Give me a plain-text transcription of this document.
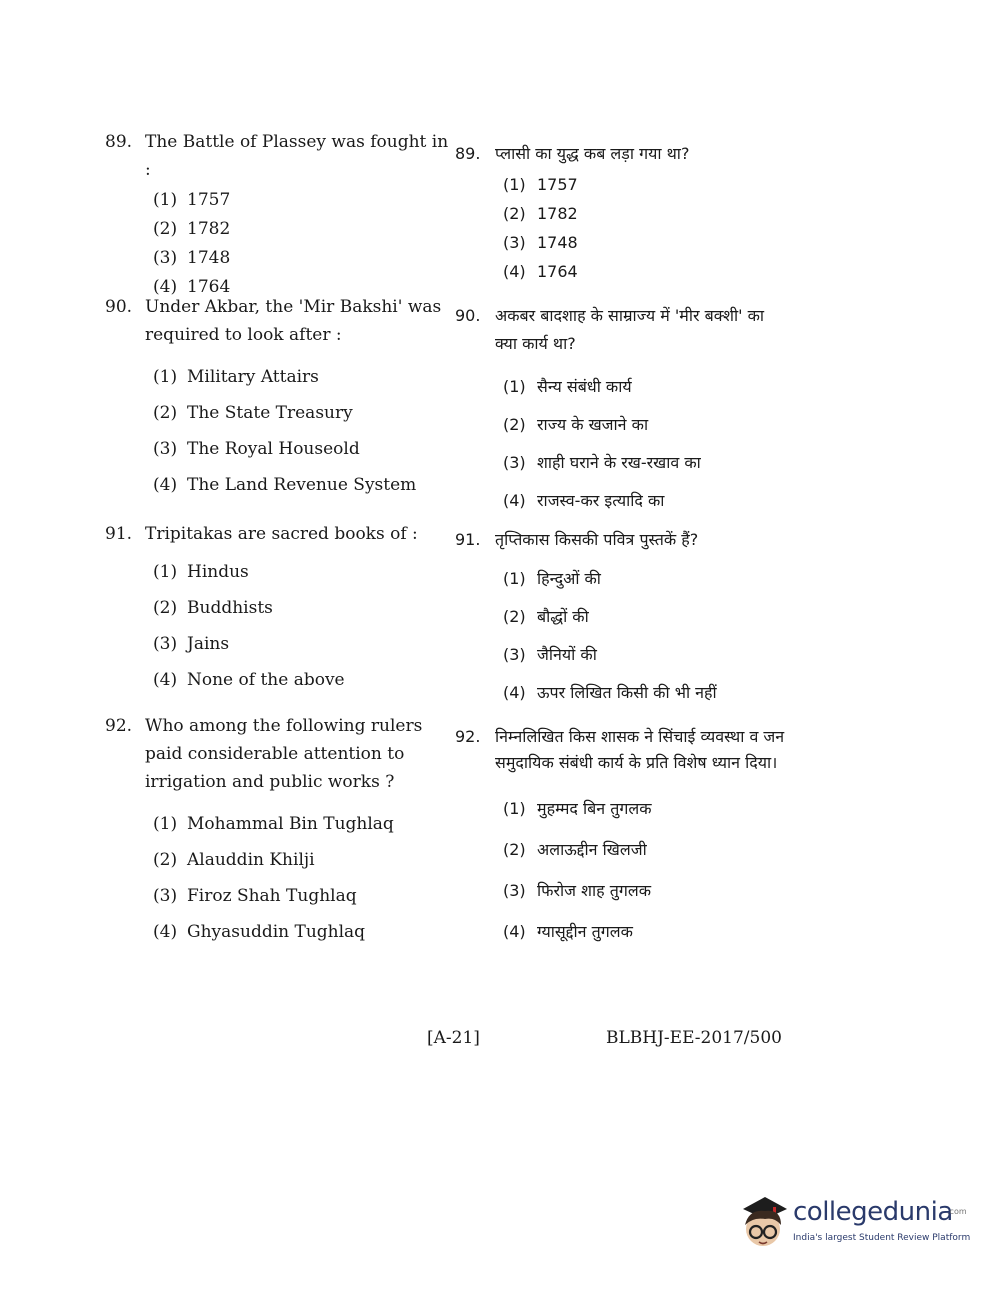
89. The Battle of Plassey was fought in :
(1) 1757
(2) 1782
(3) 1748
(4) 1764
90. Under Akbar, the 'Mir Bakshi' was required to look after :
(1) Military Attairs
(2) The State Treasury
(3) The Royal Houseold
(4) The Land Revenue System
91. Tripitakas are sacred books of :
(1) Hindus
(2) Buddhists
(3) Jains
(4) None of the above
92. Who among the following rulers paid considerable attention to irrigation and public works ?
(1) Mohammal Bin Tughlaq
(2) Alauddin Khilji
(3) Firoz Shah Tughlaq
(4) Ghyasuddin Tughlaq
89. प्लासी का युद्ध कब लड़ा गया था?
(1) 1757
(2) 1782
(3) 1748
(4) 1764
90. अकबर बादशाह के साम्राज्य में 'मीर बक्शी' का क्या कार्य था?
(1) सैन्य संबंधी कार्य
(2) राज्य के खजाने का
(3) शाही घराने के रख-रखाव का
(4) राजस्व-कर इत्यादि का
91. तृप्तिकास किसकी पवित्र पुस्तकें हैं?
(1) हिन्दुओं की
(2) बौद्धों की
(3) जैनियों की
(4) ऊपर लिखित किसी की भी नहीं
92. निम्नलिखित किस शासक ने सिंचाई व्यवस्था व जन समुदायिक संबंधी कार्य के प्रति विशेष ध्यान दिया।
(1) मुहम्मद बिन तुगलक
(2) अलाऊद्दीन खिलजी
(3) फिरोज शाह तुगलक
(4) ग्यासूद्दीन तुगलक
[A-21]	BLBHJ-EE-2017/500
collegedunia
.com
India's largest Student Review Platform
